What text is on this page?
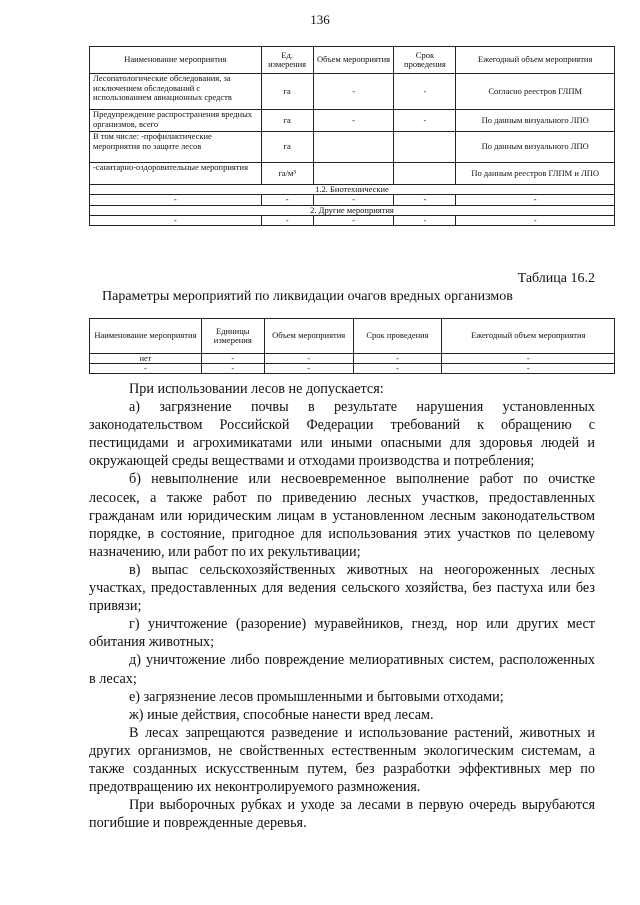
136
Наименование мероприятия	Ед. измерения	Объем мероприятия	Срок проведения	Ежегодный объем мероприятия
Лесопатологические обследования, за исключением обследований с использованием авиационных средств	га	-	-	Согласно реестров ГЛПМ
Предупреждение распространения вредных организмов, всего	га	-	-	По данным визуального ЛПО
В том числе: -профилактические мероприятия по защите лесов	га			По данным визуального ЛПО
-санитарно-оздоровительные мероприятия	га/м³			По данным реестров ГЛПМ и ЛПО
1.2. Биотехнические				
-	-	-	-	-
2. Другие мероприятия				
-	-	-	-	-
Таблица 16.2
Параметры мероприятий по ликвидации очагов вредных организмов
Наименование мероприятия	Единицы измерения	Объем мероприятия	Срок проведения	Ежегодный объем мероприятия
нет	-	-	-	-
-	-	-	-	-

При использовании лесов не допускается:

а) загрязнение почвы в результате нарушения установленных законодательством Российской Федерации требований к обращению с пестицидами и агрохимикатами или иными опасными для здоровья людей и окружающей среды веществами и отходами производства и потребления;

б) невыполнение или несвоевременное выполнение работ по очистке лесосек, а также работ по приведению лесных участков, предоставленных гражданам или юридическим лицам в установленном лесным законодательством порядке, в состояние, пригодное для использования этих участков по целевому назначению, или работ по их рекультивации;

в) выпас сельскохозяйственных животных на неогороженных лесных участках, предоставленных для ведения сельского хозяйства, без пастуха или без привязи;

г) уничтожение (разорение) муравейников, гнезд, нор или других мест обитания животных;

д) уничтожение либо повреждение мелиоративных систем, расположенных в лесах;

е) загрязнение лесов промышленными и бытовыми отходами;

ж) иные действия, способные нанести вред лесам.

В лесах запрещаются разведение и использование растений, животных и других организмов, не свойственных естественным экологическим системам, а также созданных искусственным путем, без разработки эффективных мер по предотвращению их неконтролируемого размножения.

При выборочных рубках и уходе за лесами в первую очередь вырубаются погибшие и поврежденные деревья.
